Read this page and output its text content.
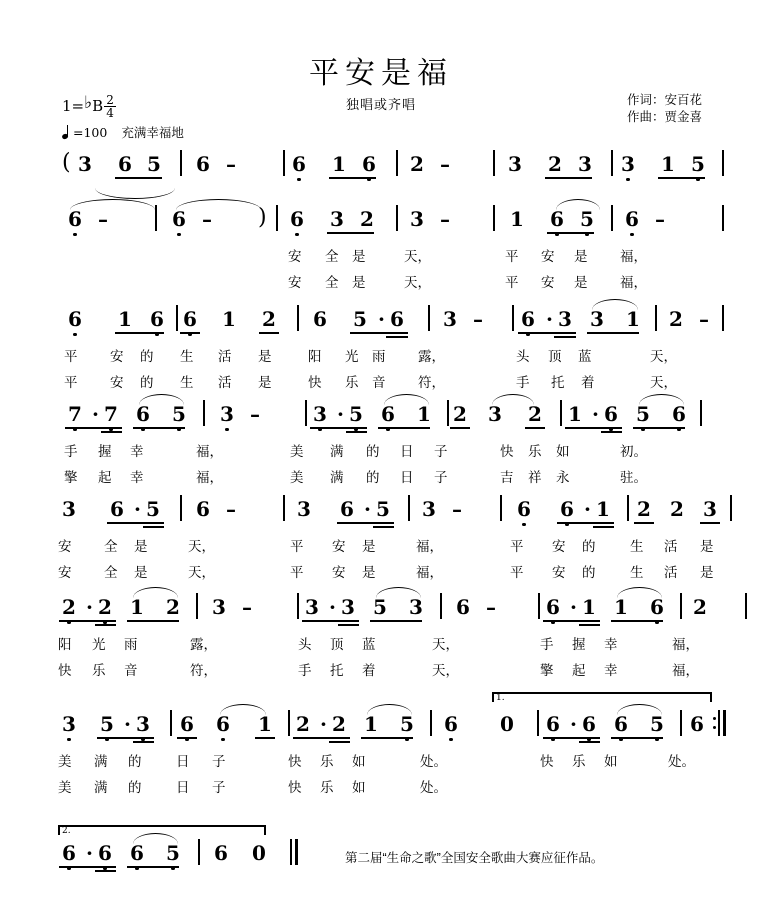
平安是福
独唱或齐唱	作词：安百花
作曲：贾金喜
1= ♭ B $\frac{2}{4}$
=100 充满幸福地
( 3 6 5 6 –	6 1 6 2 –	3 2 3 3 1 5
6 –	6 – ) 6 3 2 3 –	1 6 5 6 –
安 全 是	天，	平 安 是 福，
安 全 是	天，	平 安 是 福，
6 1 6 6 1 2 6 5 · 6 3 – 6 · 3 3 1 2 –
平 安 的 生 活 是	阳 光 雨 露，	头 顶 蓝	天，
平 安 的 生 活 是	快 乐 音 符，	手 托 着	天，
7 · 7 6 5 3 –	3 · 5 6 1 2 3 2 1 · 6 5 6
手 握 幸	福，	美 满 的 日 子	快 乐 如	初。
擎 起 幸	福，	美 满 的 日 子	吉 祥 永	驻。
3 6 · 5 6 –	3 6 · 5 3 –	6 6 · 1 2 2 3
安 全 是	天，	平 安 是	福，	平 安 的	生 活 是
安 全 是	天，	平 安 是	福，	平 安 的	生 活 是
2 · 2 1 2 3 –	3 · 3 5 3 6 –	6 · 1 1 6 2
阳 光 雨	露，	头 顶 蓝	天，	手 握 幸	福，
快 乐 音	符，	手 托 着	天，	擎 起 幸	福，
1.
3 5 · 3 6 6 1 2 · 2 1 5 6 0 6 · 6 6 5 6
美 满 的	日 子	快 乐 如	处。	快 乐 如	处。
美 满 的	日 子	快 乐 如	处。
2.
6 · 6 6 5 6 0	第二届“生命之歌”全国安全歌曲大赛应征作品。
